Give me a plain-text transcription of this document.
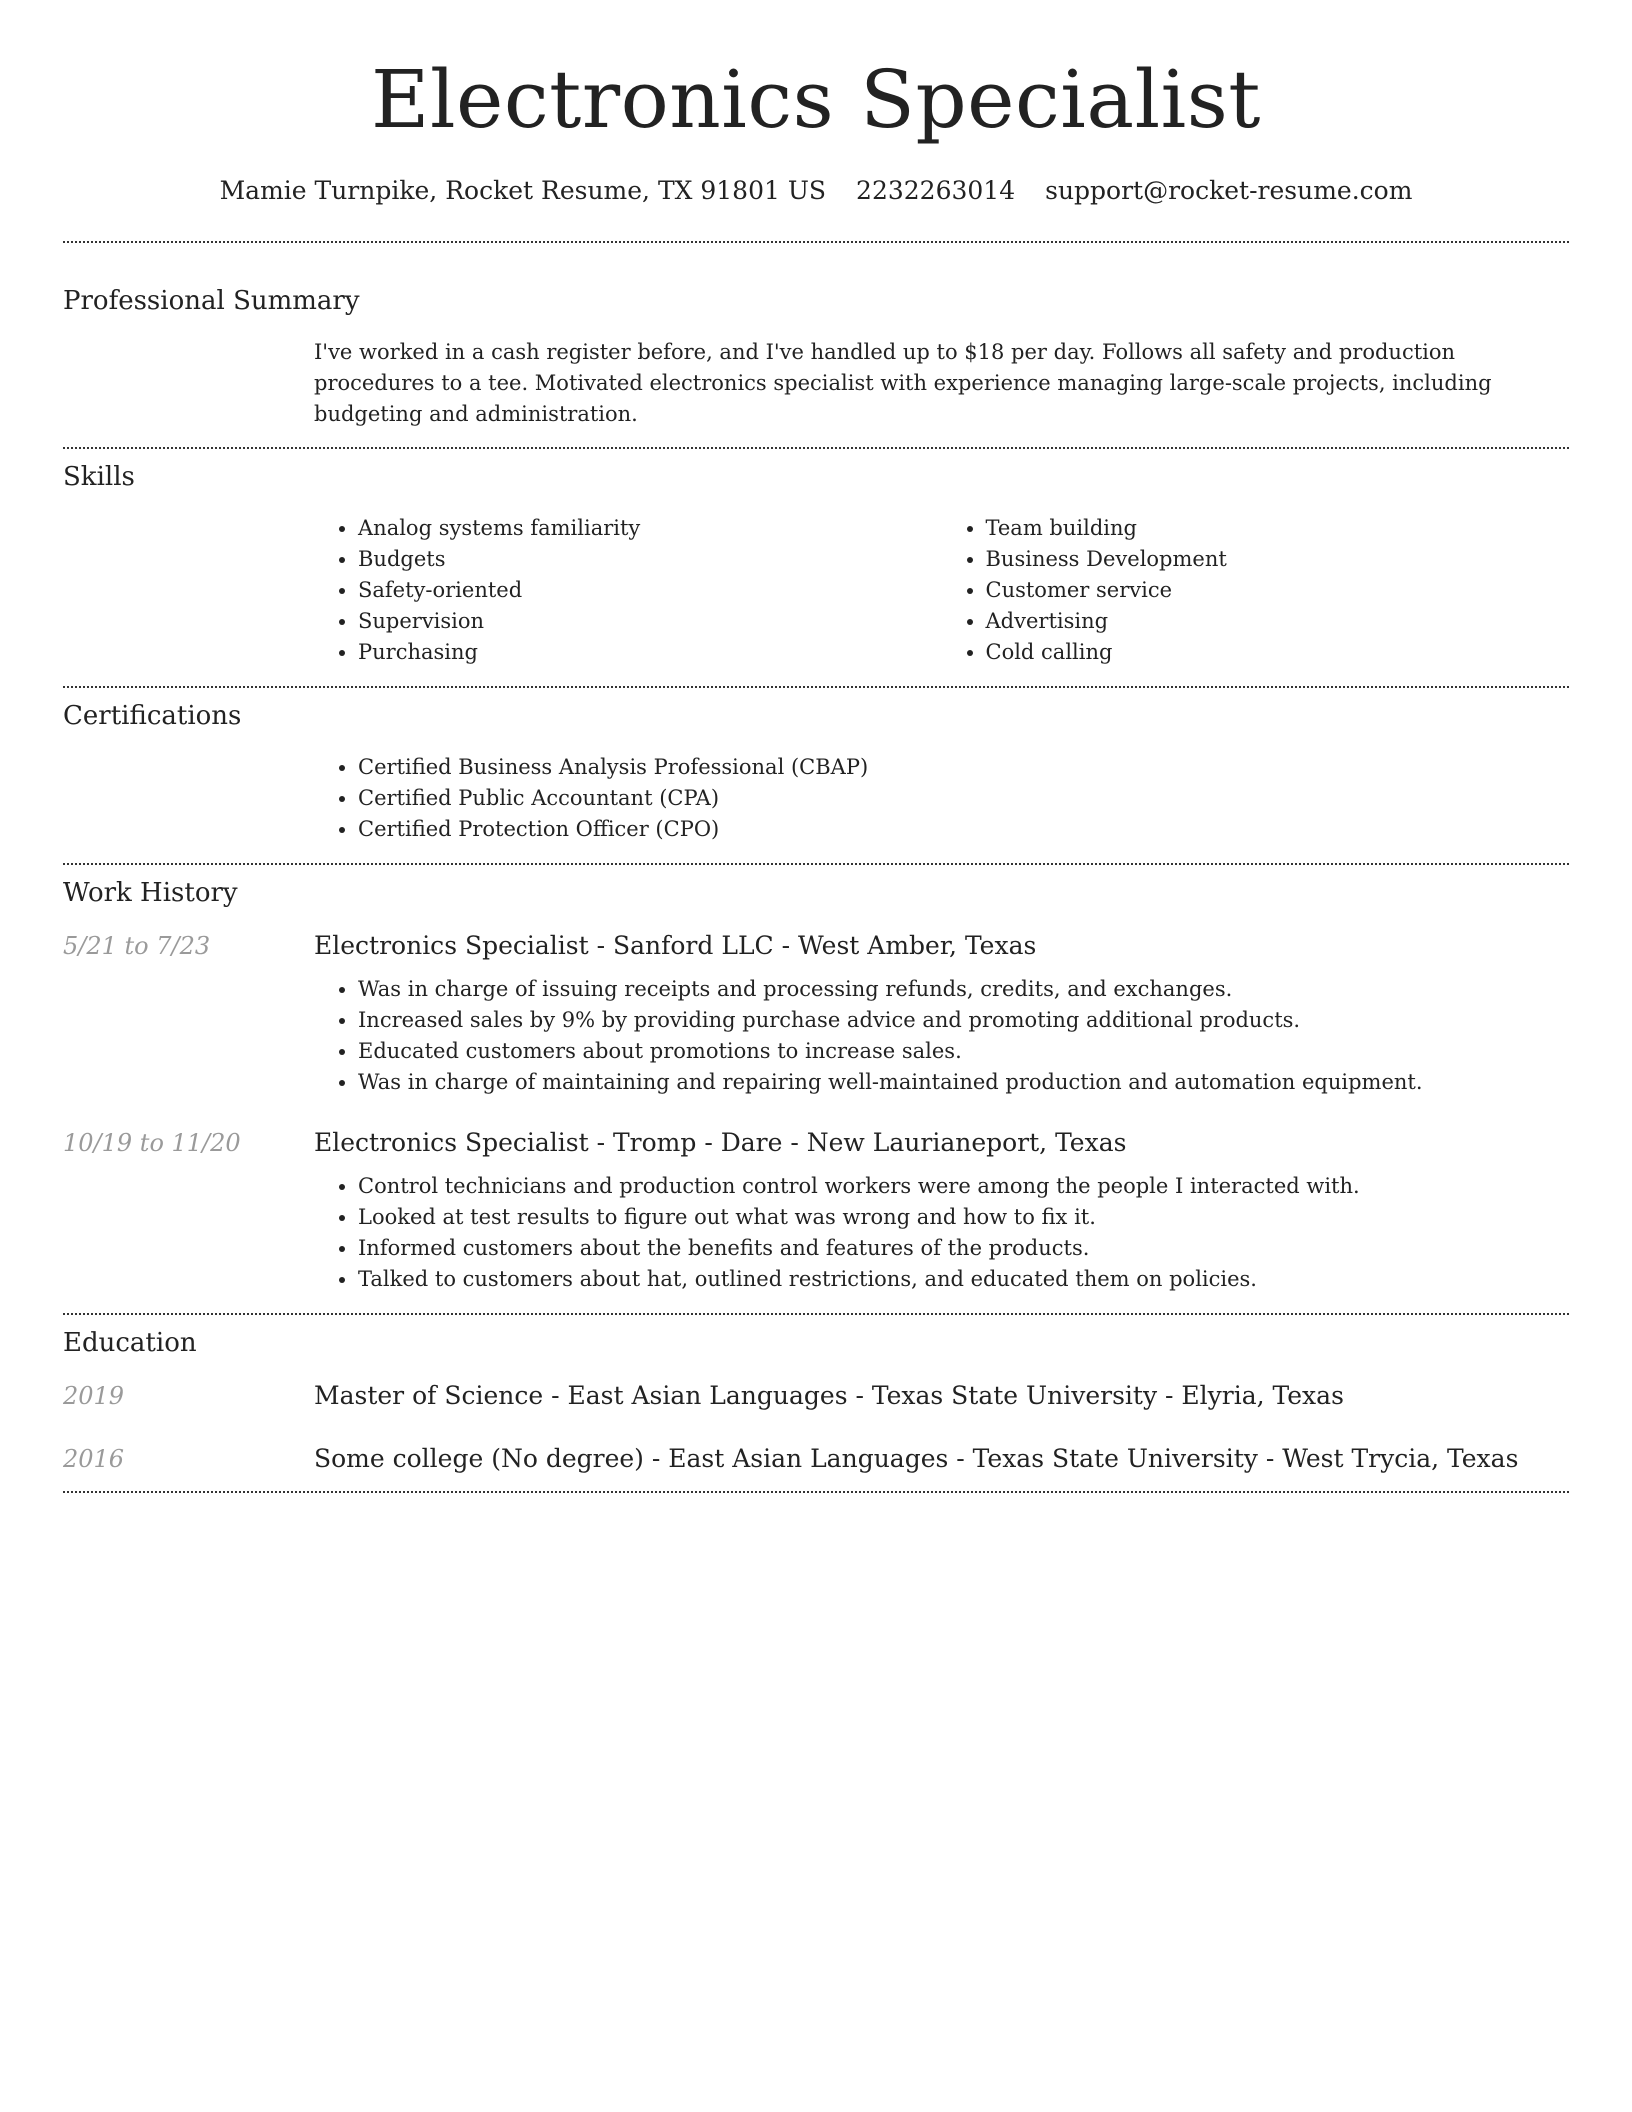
Electronics Specialist
Mamie Turnpike, Rocket Resume, TX 91801 US 2232263014 support@rocket-resume.com
Professional Summary

I've worked in a cash register before, and I've handled up to $18 per day. Follows all safety and production procedures to a tee. Motivated electronics specialist with experience managing large-scale projects, including budgeting and administration.

Skills
• Analog systems familiarity
• Budgets
• Safety-oriented
• Supervision
• Purchasing
• Team building
• Business Development
• Customer service
• Advertising
• Cold calling
Certifications
• Certified Business Analysis Professional (CBAP)
• Certified Public Accountant (CPA)
• Certified Protection Officer (CPO)
Work History
5/21 to 7/23	Electronics Specialist - Sanford LLC - West Amber, Texas
• Was in charge of issuing receipts and processing refunds, credits, and exchanges.
• Increased sales by 9% by providing purchase advice and promoting additional products.
• Educated customers about promotions to increase sales.
• Was in charge of maintaining and repairing well-maintained production and automation equipment.
10/19 to 11/20	Electronics Specialist - Tromp - Dare - New Laurianeport, Texas
• Control technicians and production control workers were among the people I interacted with.
• Looked at test results to figure out what was wrong and how to fix it.
• Informed customers about the benefits and features of the products.
• Talked to customers about hat, outlined restrictions, and educated them on policies.
Education
2019	Master of Science - East Asian Languages - Texas State University - Elyria, Texas
2016	Some college (No degree) - East Asian Languages - Texas State University - West Trycia, Texas
